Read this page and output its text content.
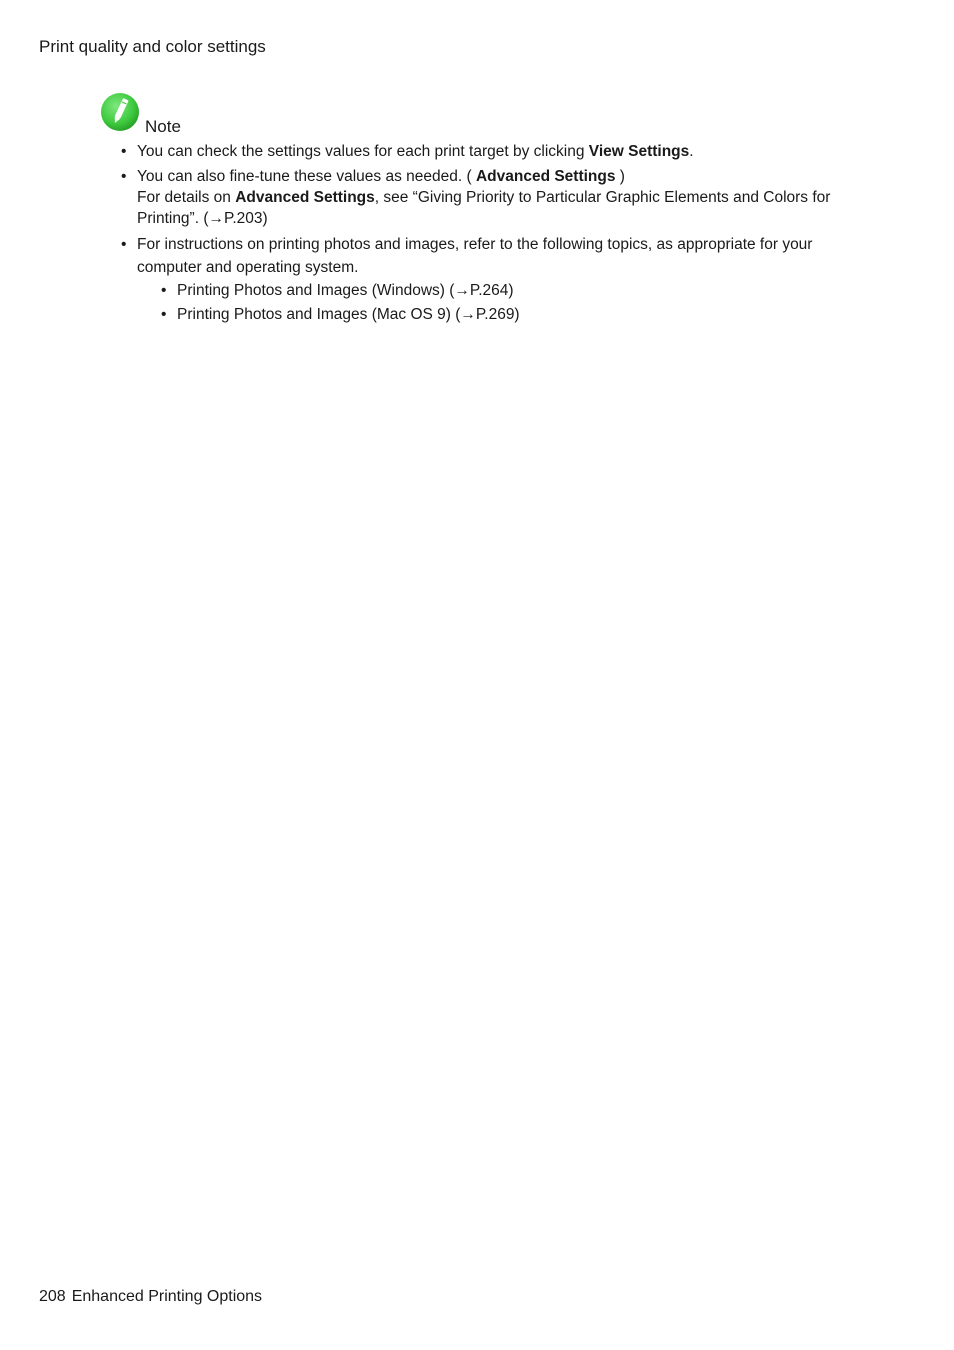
Print quality and color settings
Note
• You can check the settings values for each print target by clicking View Settings.
• You can also fine-tune these values as needed. ( Advanced Settings )
For details on Advanced Settings, see “Giving Priority to Particular Graphic Elements and Colors for Printing”. (→P.203)
• For instructions on printing photos and images, refer to the following topics, as appropriate for your computer and operating system.
• Printing Photos and Images (Windows) (→P.264)
• Printing Photos and Images (Mac OS 9) (→P.269)
208 Enhanced Printing Options
